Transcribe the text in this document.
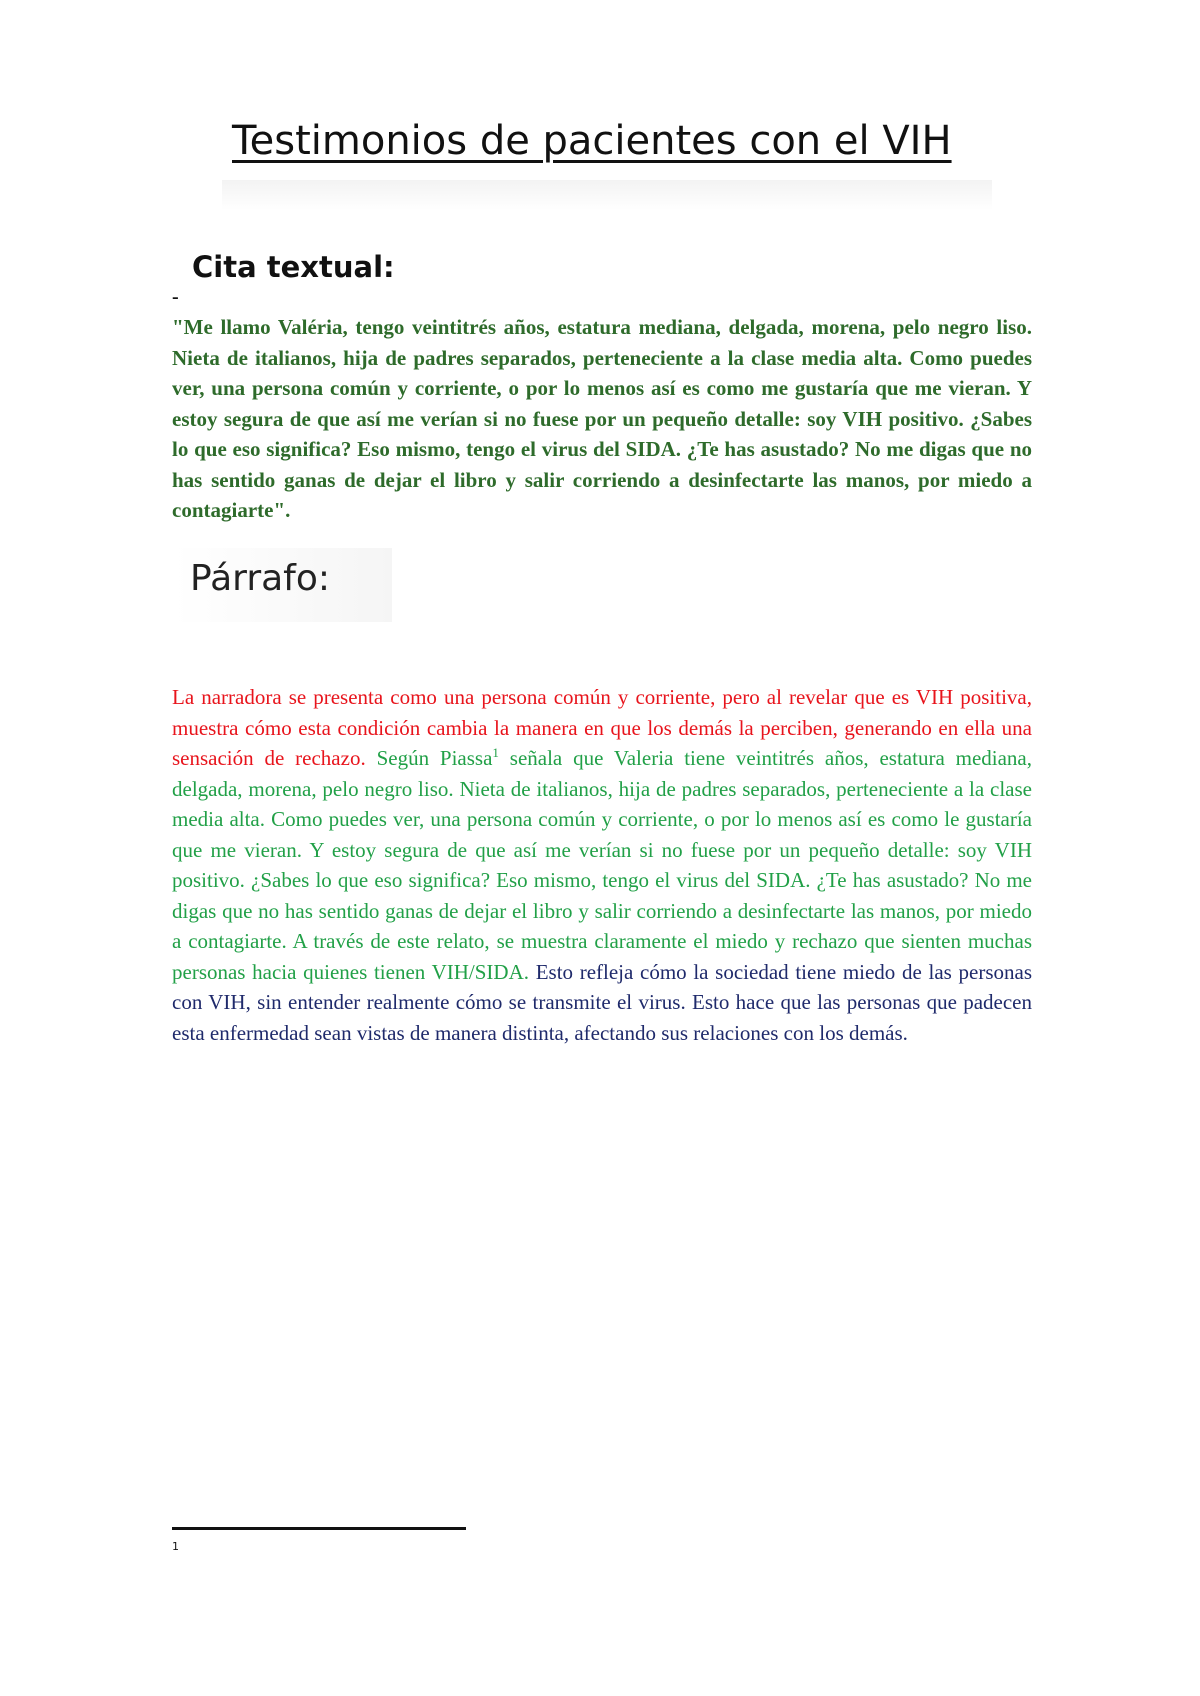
Testimonios de pacientes con el VIH
Cita textual:
-

"Me llamo Valéria, tengo veintitrés años, estatura mediana, delgada, morena, pelo negro liso. Nieta de italianos, hija de padres separados, perteneciente a la clase media alta. Como puedes ver, una persona común y corriente, o por lo menos así es como me gustaría que me vieran. Y estoy segura de que así me verían si no fuese por un pequeño detalle: soy VIH positivo. ¿Sabes lo que eso significa? Eso mismo, tengo el virus del SIDA. ¿Te has asustado? No me digas que no has sentido ganas de dejar el libro y salir corriendo a desinfectarte las manos, por miedo a contagiarte".

Párrafo:

La narradora se presenta como una persona común y corriente, pero al revelar que es VIH positiva, muestra cómo esta condición cambia la manera en que los demás la perciben, generando en ella una sensación de rechazo. Según Piassa$^1$ señala que Valeria tiene veintitrés años, estatura mediana, delgada, morena, pelo negro liso. Nieta de italianos, hija de padres separados, perteneciente a la clase media alta. Como puedes ver, una persona común y corriente, o por lo menos así es como le gustaría que me vieran. Y estoy segura de que así me verían si no fuese por un pequeño detalle: soy VIH positivo. ¿Sabes lo que eso significa? Eso mismo, tengo el virus del SIDA. ¿Te has asustado? No me digas que no has sentido ganas de dejar el libro y salir corriendo a desinfectarte las manos, por miedo a contagiarte. A través de este relato, se muestra claramente el miedo y rechazo que sienten muchas personas hacia quienes tienen VIH/SIDA. Esto refleja cómo la sociedad tiene miedo de las personas con VIH, sin entender realmente cómo se transmite el virus. Esto hace que las personas que padecen esta enfermedad sean vistas de manera distinta, afectando sus relaciones con los demás.

1
